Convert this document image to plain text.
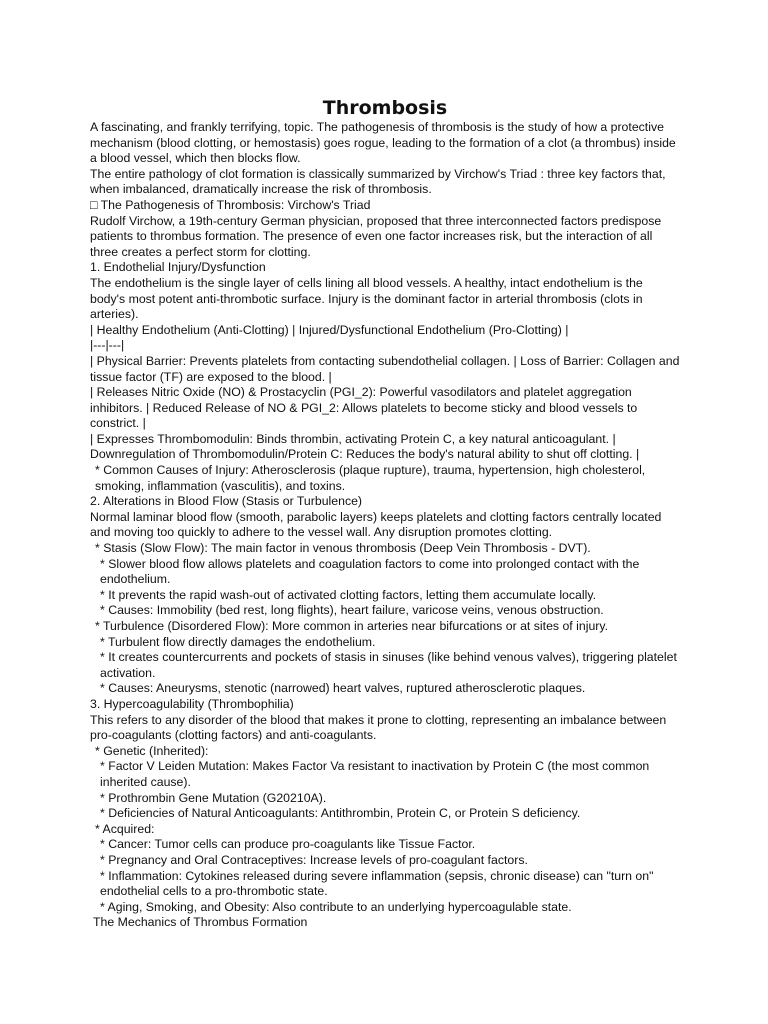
Thrombosis

A fascinating, and frankly terrifying, topic. The pathogenesis of thrombosis is the study of how a protective mechanism (blood clotting, or hemostasis) goes rogue, leading to the formation of a clot (a thrombus) inside a blood vessel, which then blocks flow.

The entire pathology of clot formation is classically summarized by Virchow's Triad : three key factors that, when imbalanced, dramatically increase the risk of thrombosis.

□ The Pathogenesis of Thrombosis: Virchow's Triad

Rudolf Virchow, a 19th-century German physician, proposed that three interconnected factors predispose patients to thrombus formation. The presence of even one factor increases risk, but the interaction of all three creates a perfect storm for clotting.

1. Endothelial Injury/Dysfunction

The endothelium is the single layer of cells lining all blood vessels. A healthy, intact endothelium is the body's most potent anti-thrombotic surface. Injury is the dominant factor in arterial thrombosis (clots in arteries).

| Healthy Endothelium (Anti-Clotting) | Injured/Dysfunctional Endothelium (Pro-Clotting) |

|---|---|

| Physical Barrier: Prevents platelets from contacting subendothelial collagen. | Loss of Barrier: Collagen and tissue factor (TF) are exposed to the blood. |

| Releases Nitric Oxide (NO) & Prostacyclin (PGI_2): Powerful vasodilators and platelet aggregation inhibitors. | Reduced Release of NO & PGI_2: Allows platelets to become sticky and blood vessels to constrict. |

| Expresses Thrombomodulin: Binds thrombin, activating Protein C, a key natural anticoagulant. | Downregulation of Thrombomodulin/Protein C: Reduces the body's natural ability to shut off clotting. |

* Common Causes of Injury: Atherosclerosis (plaque rupture), trauma, hypertension, high cholesterol, smoking, inflammation (vasculitis), and toxins.

2. Alterations in Blood Flow (Stasis or Turbulence)

Normal laminar blood flow (smooth, parabolic layers) keeps platelets and clotting factors centrally located and moving too quickly to adhere to the vessel wall. Any disruption promotes clotting.

* Stasis (Slow Flow): The main factor in venous thrombosis (Deep Vein Thrombosis - DVT).

* Slower blood flow allows platelets and coagulation factors to come into prolonged contact with the endothelium.

* It prevents the rapid wash-out of activated clotting factors, letting them accumulate locally.

* Causes: Immobility (bed rest, long flights), heart failure, varicose veins, venous obstruction.

* Turbulence (Disordered Flow): More common in arteries near bifurcations or at sites of injury.

* Turbulent flow directly damages the endothelium.

* It creates countercurrents and pockets of stasis in sinuses (like behind venous valves), triggering platelet activation.

* Causes: Aneurysms, stenotic (narrowed) heart valves, ruptured atherosclerotic plaques.

3. Hypercoagulability (Thrombophilia)

This refers to any disorder of the blood that makes it prone to clotting, representing an imbalance between pro-coagulants (clotting factors) and anti-coagulants.

* Genetic (Inherited):

* Factor V Leiden Mutation: Makes Factor Va resistant to inactivation by Protein C (the most common inherited cause).

* Prothrombin Gene Mutation (G20210A).

* Deficiencies of Natural Anticoagulants: Antithrombin, Protein C, or Protein S deficiency.

* Acquired:

* Cancer: Tumor cells can produce pro-coagulants like Tissue Factor.

* Pregnancy and Oral Contraceptives: Increase levels of pro-coagulant factors.

* Inflammation: Cytokines released during severe inflammation (sepsis, chronic disease) can "turn on" endothelial cells to a pro-thrombotic state.

* Aging, Smoking, and Obesity: Also contribute to an underlying hypercoagulable state.

The Mechanics of Thrombus Formation
